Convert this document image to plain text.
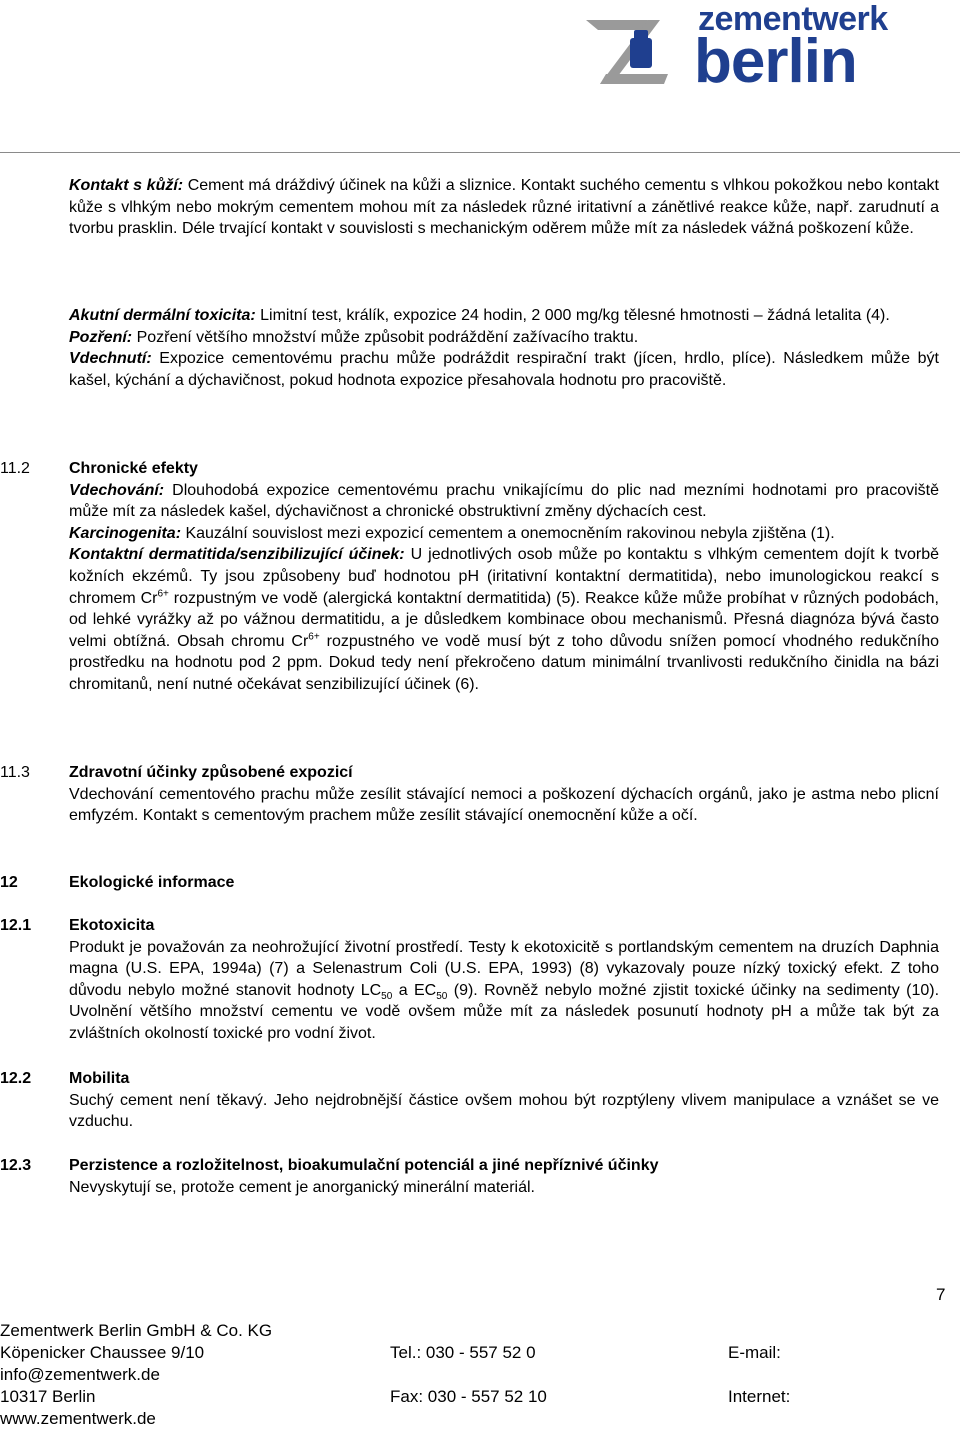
zementwerk
berlin

Kontakt s kůží: Cement má dráždivý účinek na kůži a sliznice. Kontakt suchého cementu s vlhkou pokožkou nebo kontakt kůže s vlhkým nebo mokrým cementem mohou mít za následek různé iritativní a zánětlivé reakce kůže, např. zarudnutí a tvorbu prasklin. Déle trvající kontakt v souvislosti s mechanickým oděrem může mít za následek vážná poškození kůže.

Akutní dermální toxicita: Limitní test, králík, expozice 24 hodin, 2 000 mg/kg tělesné hmotnosti – žádná letalita (4).

Pozření: Pozření většího množství může způsobit podráždění zažívacího traktu.

Vdechnutí: Expozice cementovému prachu může podráždit respirační trakt (jícen, hrdlo, plíce). Následkem může být kašel, kýchání a dýchavičnost, pokud hodnota expozice přesahovala hodnotu pro pracoviště.

11.2 Chronické efekty

Vdechování: Dlouhodobá expozice cementovému prachu vnikajícímu do plic nad mezními hodnotami pro pracoviště může mít za následek kašel, dýchavičnost a chronické obstruktivní změny dýchacích cest.

Karcinogenita: Kauzální souvislost mezi expozicí cementem a onemocněním rakovinou nebyla zjištěna (1).

Kontaktní dermatitida/senzibilizující účinek: U jednotlivých osob může po kontaktu s vlhkým cementem dojít k tvorbě kožních ekzémů. Ty jsou způsobeny buď hodnotou pH (iritativní kontaktní dermatitida), nebo imunologickou reakcí s chromem $Cr^{6+}$ rozpustným ve vodě (alergická kontaktní dermatitida) (5). Reakce kůže může probíhat v různých podobách, od lehké vyrážky až po vážnou dermatitidu, a je důsledkem kombinace obou mechanismů. Přesná diagnóza bývá často velmi obtížná. Obsah chromu $Cr^{6+}$ rozpustného ve vodě musí být z toho důvodu snížen pomocí vhodného redukčního prostředku na hodnotu pod 2 ppm. Dokud tedy není překročeno datum minimální trvanlivosti redukčního činidla na bázi chromitanů, není nutné očekávat senzibilizující účinek (6).

11.3 Zdravotní účinky způsobené expozicí

Vdechování cementového prachu může zesílit stávající nemoci a poškození dýchacích orgánů, jako je astma nebo plicní emfyzém. Kontakt s cementovým prachem může zesílit stávající onemocnění kůže a očí.

12	Ekologické informace

12.1 Ekotoxicita

Produkt je považován za neohrožující životní prostředí. Testy k ekotoxicitě s portlandským cementem na druzích Daphnia magna (U.S. EPA, 1994a) (7) a Selenastrum Coli (U.S. EPA, 1993) (8) vykazovaly pouze nízký toxický efekt. Z toho důvodu nebylo možné stanovit hodnoty $LC_{50}$ a $EC_{50}$ (9). Rovněž nebylo možné zjistit toxické účinky na sedimenty (10). Uvolnění většího množství cementu ve vodě ovšem může mít za následek posunutí hodnoty pH a může tak být za zvláštních okolností toxické pro vodní život.

12.2 Mobilita

Suchý cement není těkavý. Jeho nejdrobnější částice ovšem mohou být rozptýleny vlivem manipulace a vznášet se ve vzduchu.

12.3 Perzistence a rozložitelnost, bioakumulační potenciál a jiné nepříznivé účinky

Nevyskytují se, protože cement je anorganický minerální materiál.

7
Zementwerk Berlin GmbH & Co. KG
Köpenicker Chaussee 9/10	Tel.: 030 - 557 52 0	E-mail:
info@zementwerk.de
10317 Berlin	Fax: 030 - 557 52 10	Internet:
www.zementwerk.de
